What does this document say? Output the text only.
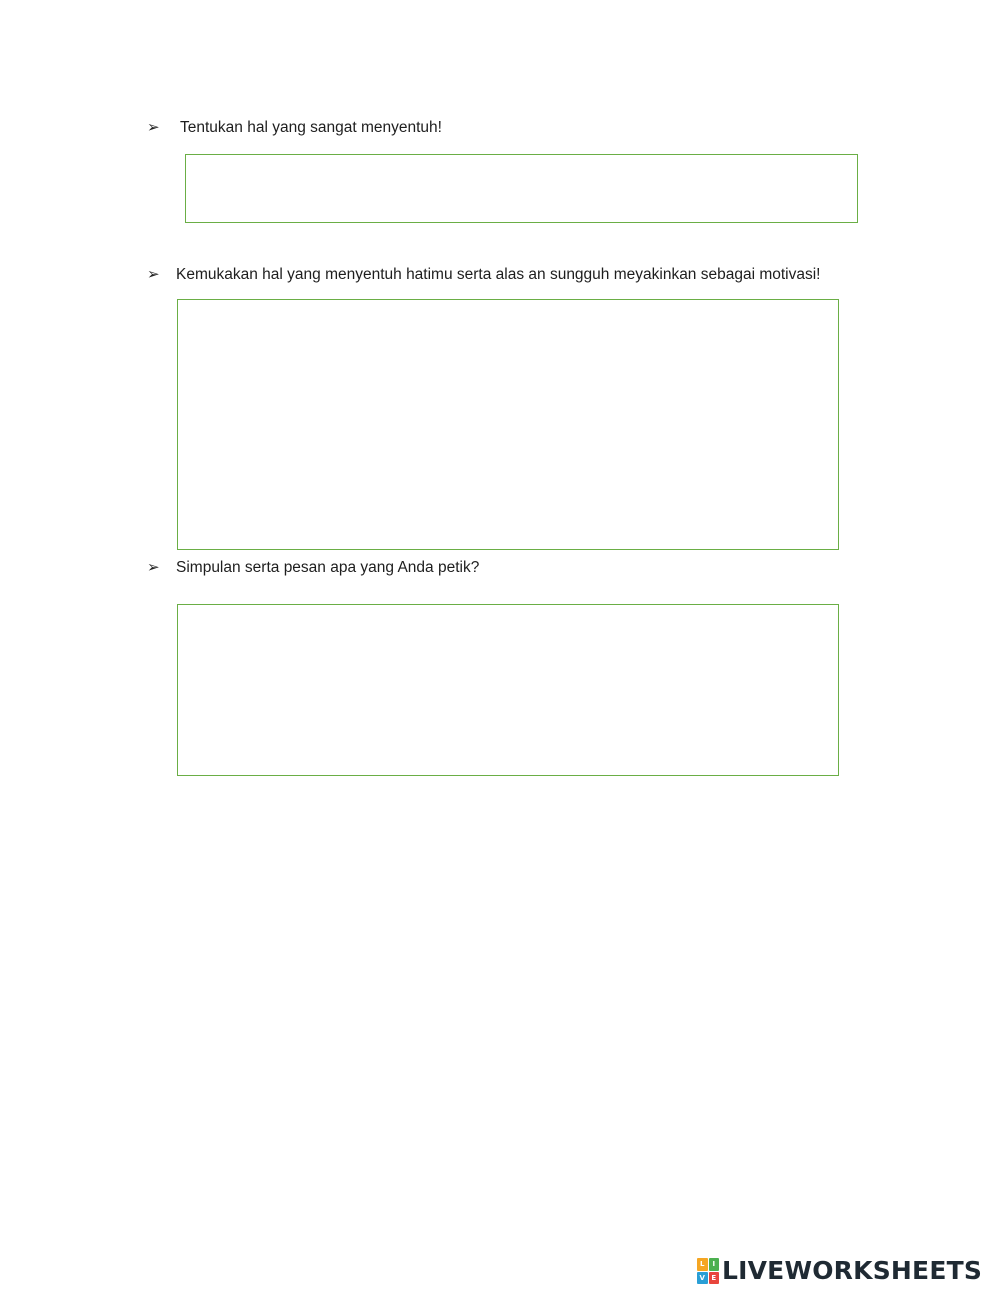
➢ Tentukan hal yang sangat menyentuh!
➢ Kemukakan hal yang menyentuh hatimu serta alas an sungguh meyakinkan sebagai motivasi!
➢ Simpulan serta pesan apa yang Anda petik?
L	I
V E LIVEWORKSHEETS
